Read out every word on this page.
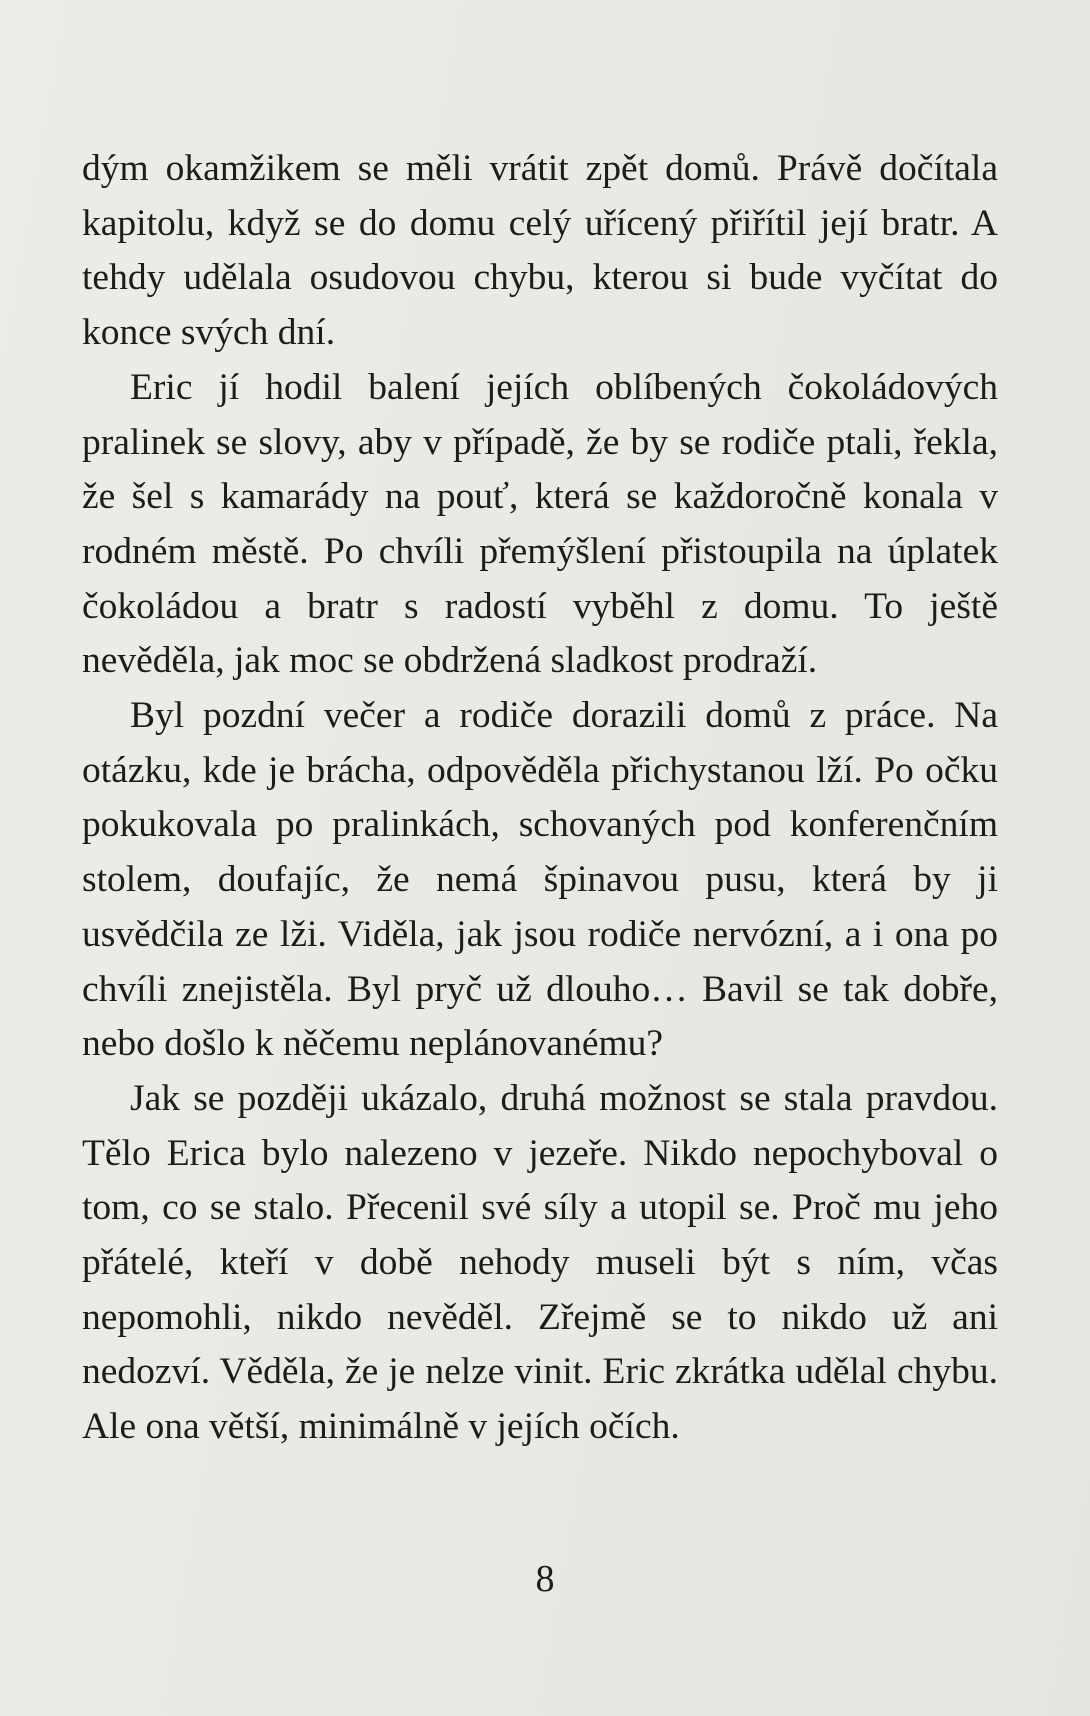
dým okamžikem se měli vrátit zpět domů. Právě dočítala kapitolu, když se do domu celý uřícený přiřítil její bratr. A tehdy udělala osudovou chybu, kterou si bude vyčítat do konce svých dní.

Eric jí hodil balení jejích oblíbených čokoládových pralinek se slovy, aby v případě, že by se rodiče ptali, řekla, že šel s kamarády na pouť, která se každoročně konala v rodném městě. Po chvíli přemýšlení přistoupila na úplatek čokoládou a bratr s radostí vyběhl z domu. To ještě nevěděla, jak moc se obdržená sladkost prodraží.

Byl pozdní večer a rodiče dorazili domů z práce. Na otázku, kde je brácha, odpověděla přichystanou lží. Po očku pokukovala po pralinkách, schovaných pod konferenčním stolem, doufajíc, že nemá špinavou pusu, která by ji usvědčila ze lži. Viděla, jak jsou rodiče nervózní, a i ona po chvíli znejistěla. Byl pryč už dlouho… Bavil se tak dobře, nebo došlo k něčemu neplánovanému?

Jak se později ukázalo, druhá možnost se stala pravdou. Tělo Erica bylo nalezeno v jezeře. Nikdo nepochyboval o tom, co se stalo. Přecenil své síly a utopil se. Proč mu jeho přátelé, kteří v době nehody museli být s ním, včas nepomohli, nikdo nevěděl. Zřejmě se to nikdo už ani nedozví. Věděla, že je nelze vinit. Eric zkrátka udělal chybu. Ale ona větší, minimálně v jejích očích.

8
